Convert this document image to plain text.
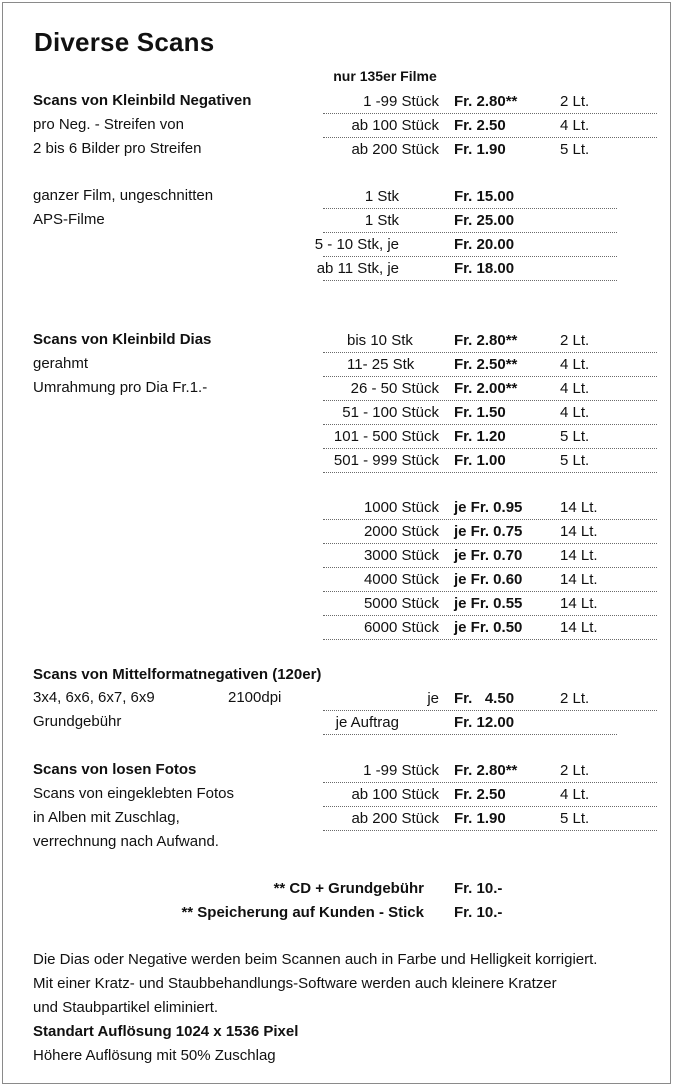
Diverse Scans
nur 135er Filme
Scans von Kleinbild Negativen
pro Neg. - Streifen von
2 bis 6 Bilder pro Streifen
1 -99 Stück Fr. 2.80**	2 Lt.
ab 100 Stück Fr. 2.50	4 Lt.
ab 200 Stück Fr. 1.90	5 Lt.
ganzer Film, ungeschnitten
APS-Filme
1 Stk	Fr. 15.00
1 Stk	Fr. 25.00
5 - 10 Stk, je	Fr. 20.00
ab 11 Stk, je	Fr. 18.00
Scans von Kleinbild Dias
gerahmt
Umrahmung pro Dia Fr.1.-
bis 10 Stk	Fr. 2.80**	2 Lt.
11- 25 Stk	Fr. 2.50**	4 Lt.
26 - 50 Stück Fr. 2.00**	4 Lt.
51 - 100 Stück Fr. 1.50	4 Lt.
101 - 500 Stück Fr. 1.20	5 Lt.
501 - 999 Stück Fr. 1.00	5 Lt.
1000 Stück je Fr. 0.95	14 Lt.
2000 Stück je Fr. 0.75	14 Lt.
3000 Stück je Fr. 0.70	14 Lt.
4000 Stück je Fr. 0.60	14 Lt.
5000 Stück je Fr. 0.55	14 Lt.
6000 Stück je Fr. 0.50	14 Lt.
Scans von Mittelformatnegativen (120er)
3x4, 6x6, 6x7, 6x9	2100dpi
Grundgebühr
je Fr.   4.50	2 Lt.
je Auftrag	Fr. 12.00
Scans von losen Fotos
Scans von eingeklebten Fotos
in Alben mit Zuschlag,
verrechnung nach Aufwand.
1 -99 Stück Fr. 2.80**	2 Lt.
ab 100 Stück Fr. 2.50	4 Lt.
ab 200 Stück Fr. 1.90	5 Lt.
** CD + Grundgebühr Fr. 10.-
** Speicherung auf Kunden - Stick Fr. 10.-
Die Dias oder Negative werden beim Scannen auch in Farbe und Helligkeit korrigiert.
Mit einer Kratz- und Staubbehandlungs-Software werden auch kleinere Kratzer
und Staubpartikel eliminiert.
Standart Auflösung 1024 x 1536 Pixel
Höhere Auflösung mit 50% Zuschlag
